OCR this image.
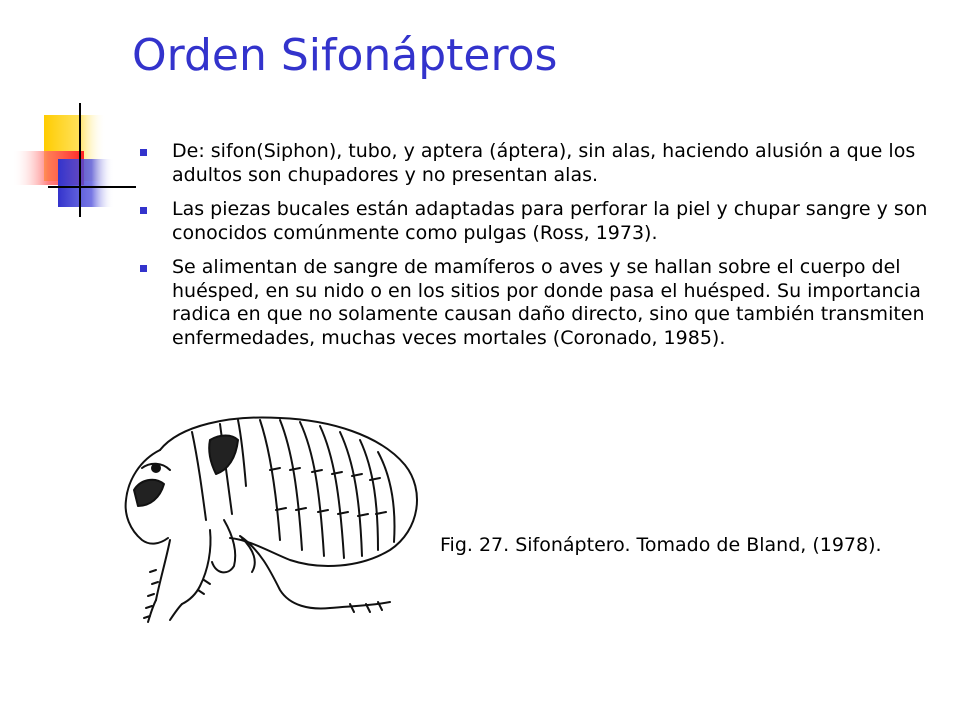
Orden Sifonápteros
De: sifon(Siphon), tubo, y aptera (áptera), sin alas, haciendo alusión a que los adultos son chupadores y no presentan alas.
Las piezas bucales están adaptadas para perforar la piel y chupar sangre y son conocidos comúnmente como pulgas (Ross, 1973).
Se alimentan de sangre de mamíferos o aves y se hallan sobre el cuerpo del huésped, en su nido o en los sitios por donde pasa el huésped. Su importancia radica en que no solamente causan daño directo, sino que también transmiten enfermedades, muchas veces mortales (Coronado, 1985).

Fig. 27. Sifonáptero. Tomado de Bland, (1978).
